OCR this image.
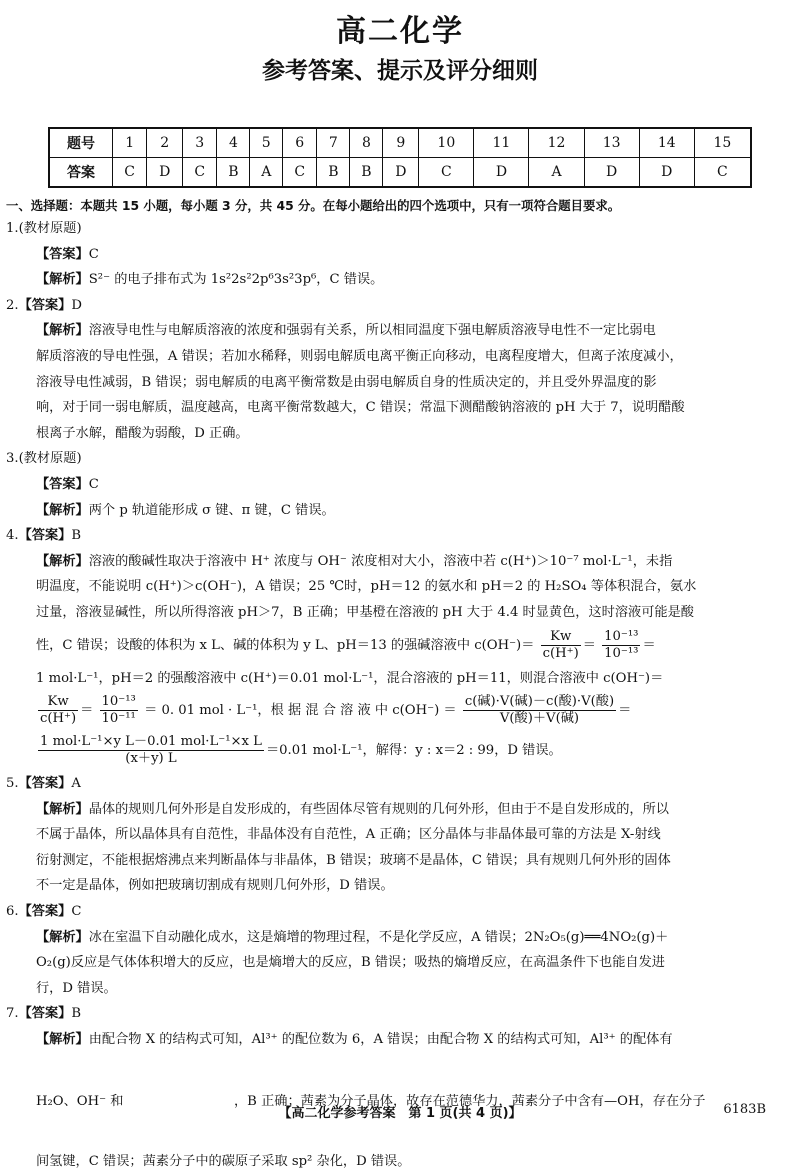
高二化学
参考答案、提示及评分细则
题号	1	2	3	4	5	6	7	8	9	10	11	12	13	14	15
答案	C	D	C	B	A	C	B	B	D	C	D	A	D	D	C
一、选择题：本题共 15 小题，每小题 3 分，共 45 分。在每小题给出的四个选项中，只有一项符合题目要求。
1.(教材原题)
【答案】C
【解析】S²⁻ 的电子排布式为 1s²2s²2p⁶3s²3p⁶，C 错误。
2.【答案】D
【解析】溶液导电性与电解质溶液的浓度和强弱有关系，所以相同温度下强电解质溶液导电性不一定比弱电
解质溶液的导电性强，A 错误；若加水稀释，则弱电解质电离平衡正向移动，电离程度增大，但离子浓度减小，
溶液导电性减弱，B 错误；弱电解质的电离平衡常数是由弱电解质自身的性质决定的，并且受外界温度的影
响，对于同一弱电解质，温度越高，电离平衡常数越大，C 错误；常温下测醋酸钠溶液的 pH 大于 7，说明醋酸
根离子水解，醋酸为弱酸，D 正确。
3.(教材原题)
【答案】C
【解析】两个 p 轨道能形成 σ 键、π 键，C 错误。
4.【答案】B
【解析】溶液的酸碱性取决于溶液中 H⁺ 浓度与 OH⁻ 浓度相对大小，溶液中若 c(H⁺)＞10⁻⁷ mol·L⁻¹，未指
明温度，不能说明 c(H⁺)＞c(OH⁻)，A 错误；25 ℃时，pH＝12 的氨水和 pH＝2 的 H₂SO₄ 等体积混合，氨水
过量，溶液显碱性，所以所得溶液 pH＞7，B 正确；甲基橙在溶液的 pH 大于 4.4 时显黄色，这时溶液可能是酸
性，C 错误；设酸的体积为 x L、碱的体积为 y L、pH＝13 的强碱溶液中 $c(OH^-)= \frac{Kw}{c(H^+)} = \frac{\text{10⁻¹³}}{\text{10⁻¹³}}$ ＝
1 mol·L⁻¹，pH＝2 的强酸溶液中 c(H⁺)＝0.01 mol·L⁻¹，混合溶液的 pH＝11，则混合溶液中 c(OH⁻)＝
$\frac{Kw}{c(H^+)} = \frac{\text{10⁻¹³}}{\text{10⁻¹¹}} = 0$. 01 mol · L⁻¹，根 据 混 合 溶 液 中 $c(OH^-) = \frac{\text{c(碱)·V(碱)－c(酸)·V(酸)}}{\text{V(酸)＋V(碱)}}$ ＝
$\frac{\text{1 mol·L⁻¹×y L－0.01 mol·L⁻¹×x L}}{(x+y) L} =0.01$ mol·L⁻¹，解得：y : x＝2 : 99，D 错误。
5.【答案】A
【解析】晶体的规则几何外形是自发形成的，有些固体尽管有规则的几何外形，但由于不是自发形成的，所以
不属于晶体，所以晶体具有自范性，非晶体没有自范性，A 正确；区分晶体与非晶体最可靠的方法是 X-射线
衍射测定，不能根据熔沸点来判断晶体与非晶体，B 错误；玻璃不是晶体，C 错误；具有规则几何外形的固体
不一定是晶体，例如把玻璃切割成有规则几何外形，D 错误。
6.【答案】C
【解析】冰在室温下自动融化成水，这是熵增的物理过程，不是化学反应，A 错误；2N₂O₅(g)══4NO₂(g)＋
O₂(g)反应是气体体积增大的反应，也是熵增大的反应，B 错误；吸热的熵增反应，在高温条件下也能自发进
行，D 错误。
7.【答案】B
【解析】由配合物 X 的结构式可知，Al³⁺ 的配位数为 6，A 错误；由配合物 X 的结构式可知，Al³⁺ 的配体有
H₂O、OH⁻ 和	，B 正确；茜素为分子晶体，故存在范德华力，茜素分子中含有—OH，存在分子
间氢键，C 错误；茜素分子中的碳原子采取 sp² 杂化，D 错误。
【高二化学参考答案　第 1 页(共 4 页)】	6183B
